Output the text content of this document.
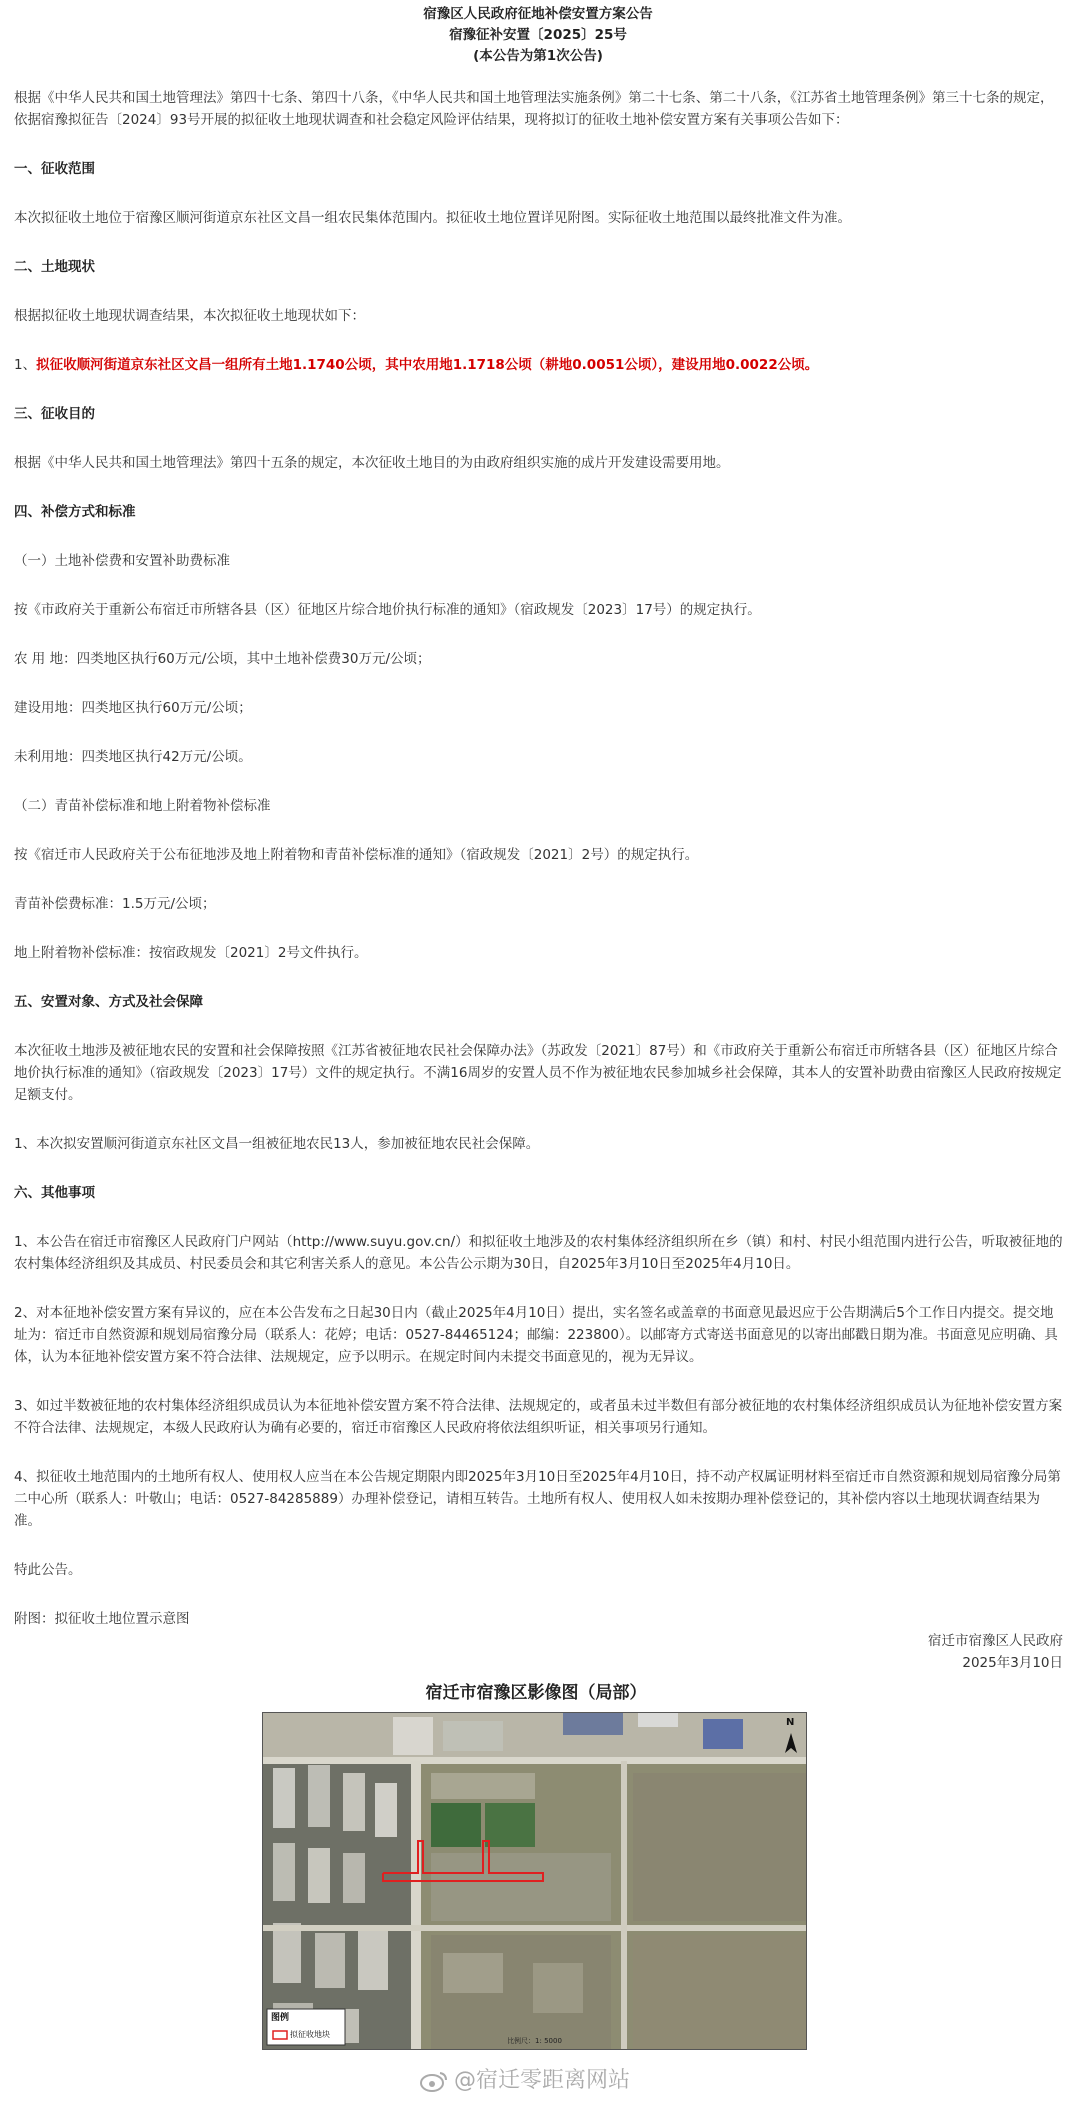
宿豫区人民政府征地补偿安置方案公告
宿豫征补安置〔2025〕25号
(本公告为第1次公告)

根据《中华人民共和国土地管理法》第四十七条、第四十八条，《中华人民共和国土地管理法实施条例》第二十七条、第二十八条，《江苏省土地管理条例》第三十七条的规定，依据宿豫拟征告〔2024〕93号开展的拟征收土地现状调查和社会稳定风险评估结果，现将拟订的征收土地补偿安置方案有关事项公告如下：

一、征收范围

本次拟征收土地位于宿豫区顺河街道京东社区文昌一组农民集体范围内。拟征收土地位置详见附图。实际征收土地范围以最终批准文件为准。

二、土地现状

根据拟征收土地现状调查结果，本次拟征收土地现状如下：

1、拟征收顺河街道京东社区文昌一组所有土地1.1740公顷，其中农用地1.1718公顷（耕地0.0051公顷），建设用地0.0022公顷。

三、征收目的

根据《中华人民共和国土地管理法》第四十五条的规定，本次征收土地目的为由政府组织实施的成片开发建设需要用地。

四、补偿方式和标准

（一）土地补偿费和安置补助费标准

按《市政府关于重新公布宿迁市所辖各县（区）征地区片综合地价执行标准的通知》（宿政规发〔2023〕17号）的规定执行。

农 用 地：四类地区执行60万元/公顷，其中土地补偿费30万元/公顷；

建设用地：四类地区执行60万元/公顷；

未利用地：四类地区执行42万元/公顷。

（二）青苗补偿标准和地上附着物补偿标准

按《宿迁市人民政府关于公布征地涉及地上附着物和青苗补偿标准的通知》（宿政规发〔2021〕2号）的规定执行。

青苗补偿费标准：1.5万元/公顷；

地上附着物补偿标准：按宿政规发〔2021〕2号文件执行。

五、安置对象、方式及社会保障

本次征收土地涉及被征地农民的安置和社会保障按照《江苏省被征地农民社会保障办法》（苏政发〔2021〕87号）和《市政府关于重新公布宿迁市所辖各县（区）征地区片综合地价执行标准的通知》（宿政规发〔2023〕17号）文件的规定执行。不满16周岁的安置人员不作为被征地农民参加城乡社会保障，其本人的安置补助费由宿豫区人民政府按规定足额支付。

1、本次拟安置顺河街道京东社区文昌一组被征地农民13人，参加被征地农民社会保障。

六、其他事项

1、本公告在宿迁市宿豫区人民政府门户网站（http://www.suyu.gov.cn/）和拟征收土地涉及的农村集体经济组织所在乡（镇）和村、村民小组范围内进行公告，听取被征地的农村集体经济组织及其成员、村民委员会和其它利害关系人的意见。本公告公示期为30日，自2025年3月10日至2025年4月10日。

2、对本征地补偿安置方案有异议的，应在本公告发布之日起30日内（截止2025年4月10日）提出，实名签名或盖章的书面意见最迟应于公告期满后5个工作日内提交。提交地址为：宿迁市自然资源和规划局宿豫分局（联系人：花婷；电话：0527-84465124；邮编：223800）。以邮寄方式寄送书面意见的以寄出邮戳日期为准。书面意见应明确、具体，认为本征地补偿安置方案不符合法律、法规规定，应予以明示。在规定时间内未提交书面意见的，视为无异议。

3、如过半数被征地的农村集体经济组织成员认为本征地补偿安置方案不符合法律、法规规定的，或者虽未过半数但有部分被征地的农村集体经济组织成员认为征地补偿安置方案不符合法律、法规规定，本级人民政府认为确有必要的，宿迁市宿豫区人民政府将依法组织听证，相关事项另行通知。

4、拟征收土地范围内的土地所有权人、使用权人应当在本公告规定期限内即2025年3月10日至2025年4月10日，持不动产权属证明材料至宿迁市自然资源和规划局宿豫分局第二中心所（联系人：叶敬山；电话：0527-84285889）办理补偿登记，请相互转告。土地所有权人、使用权人如未按期办理补偿登记的，其补偿内容以土地现状调查结果为准。

特此公告。

附图：拟征收土地位置示意图

宿迁市宿豫区人民政府

2025年3月10日

宿迁市宿豫区影像图（局部）
图例
拟征收地块
N
比例尺：1: 5000
@宿迁零距离网站
